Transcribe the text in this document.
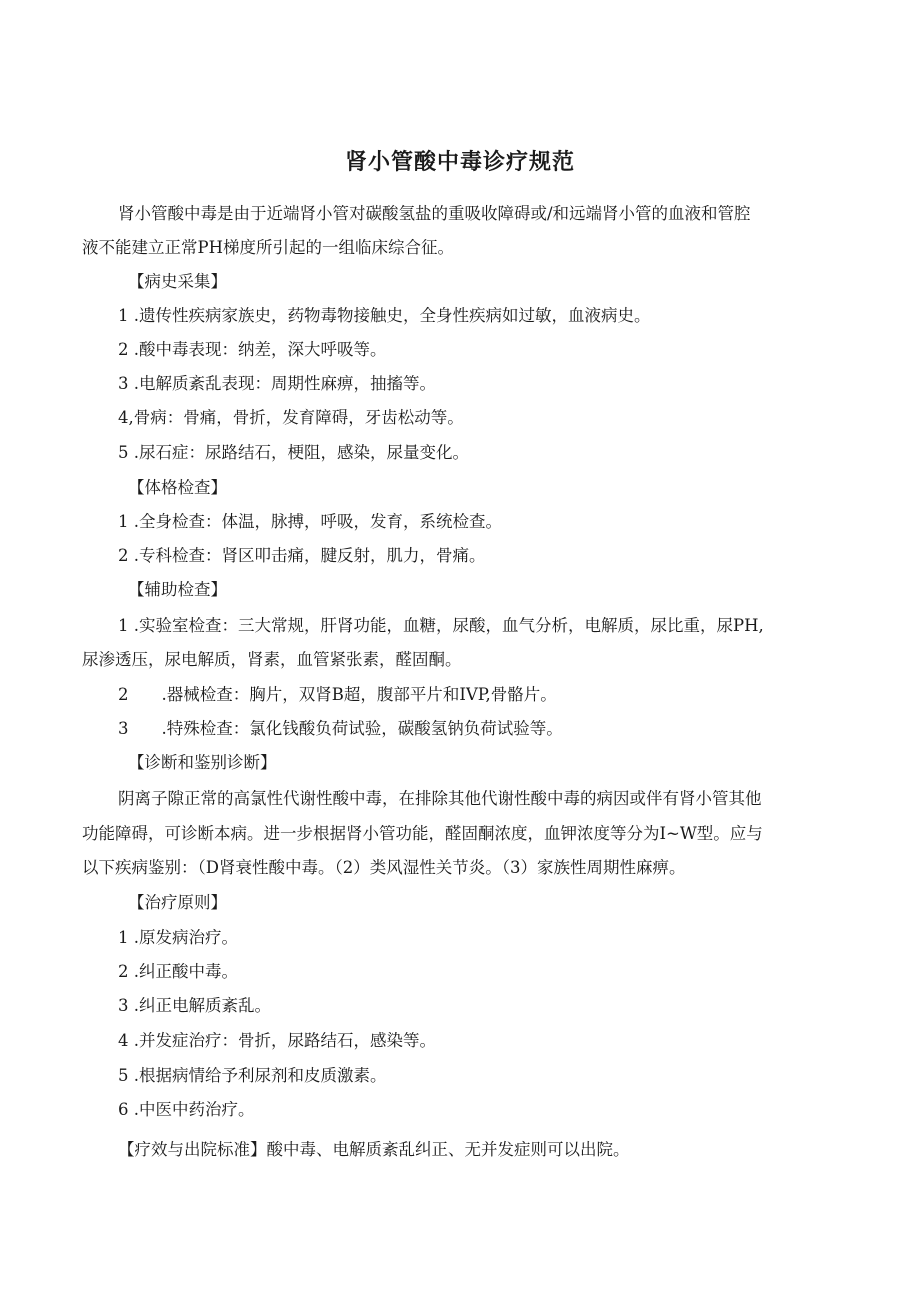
肾小管酸中毒诊疗规范

肾小管酸中毒是由于近端肾小管对碳酸氢盐的重吸收障碍或/和远端肾小管的血液和管腔

液不能建立正常PH梯度所引起的一组临床综合征。

【病史采集】

1 .遗传性疾病家族史，药物毒物接触史，全身性疾病如过敏，血液病史。

2 .酸中毒表现：纳差，深大呼吸等。

3 .电解质紊乱表现：周期性麻痹，抽搐等。

4,骨病：骨痛，骨折，发育障碍，牙齿松动等。

5 .尿石症：尿路结石，梗阻，感染，尿量变化。

【体格检查】

1 .全身检查：体温，脉搏，呼吸，发育，系统检查。

2 .专科检查：肾区叩击痛，腱反射，肌力，骨痛。

【辅助检查】

1 .实验室检查：三大常规，肝肾功能，血糖，尿酸，血气分析，电解质，尿比重，尿PH,

尿渗透压，尿电解质，肾素，血管紧张素，醛固酮。

2　　.器械检查：胸片，双肾B超，腹部平片和IVP,骨骼片。

3　　.特殊检查：氯化钱酸负荷试验，碳酸氢钠负荷试验等。

【诊断和鉴别诊断】

阴离子隙正常的高氯性代谢性酸中毒，在排除其他代谢性酸中毒的病因或伴有肾小管其他

功能障碍，可诊断本病。进一步根据肾小管功能，醛固酮浓度，血钾浓度等分为I~W型。应与

以下疾病鉴别：（D肾衰性酸中毒。（2）类风湿性关节炎。（3）家族性周期性麻痹。

【治疗原则】

1 .原发病治疗。

2 .纠正酸中毒。

3 .纠正电解质紊乱。

4 .并发症治疗：骨折，尿路结石，感染等。

5 .根据病情给予利尿剂和皮质激素。

6 .中医中药治疗。

【疗效与出院标准】酸中毒、电解质紊乱纠正、无并发症则可以出院。
